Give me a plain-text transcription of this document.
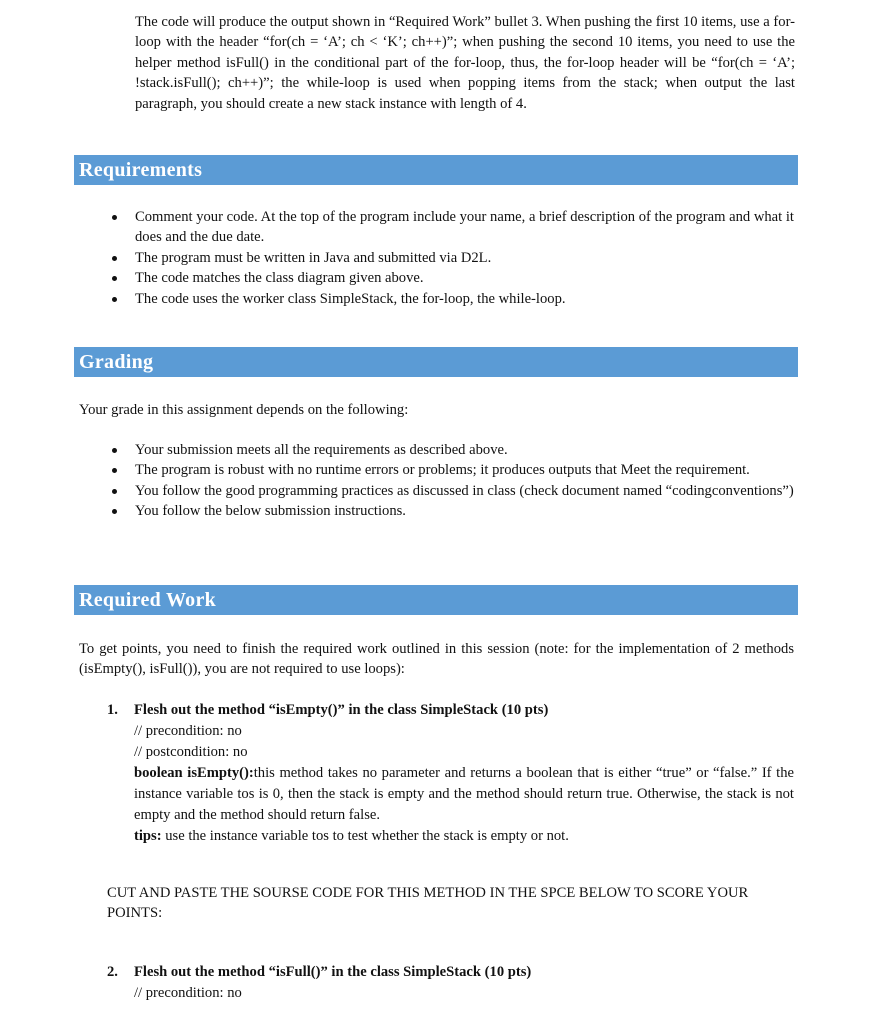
The code will produce the output shown in “Required Work” bullet 3. When pushing the first 10 items, use a for-loop with the header “for(ch = ‘A’; ch < ‘K’; ch++)”; when pushing the second 10 items, you need to use the helper method isFull() in the conditional part of the for-loop, thus, the for-loop header will be “for(ch = ‘A’; !stack.isFull(); ch++)”; the while-loop is used when popping items from the stack; when output the last paragraph, you should create a new stack instance with length of 4.

Requirements
Comment your code. At the top of the program include your name, a brief description of the program and what it does and the due date.
The program must be written in Java and submitted via D2L.
The code matches the class diagram given above.
The code uses the worker class SimpleStack, the for-loop, the while-loop.
Grading

Your grade in this assignment depends on the following:

Your submission meets all the requirements as described above.
The program is robust with no runtime errors or problems; it produces outputs that Meet the requirement.
You follow the good programming practices as discussed in class (check document named “codingconventions”)
You follow the below submission instructions.
Required Work

To get points, you need to finish the required work outlined in this session (note: for the implementation of 2 methods (isEmpty(), isFull()), you are not required to use loops):

1. Flesh out the method “isEmpty()” in the class SimpleStack (10 pts)

// precondition: no

// postcondition: no

boolean isEmpty():this method takes no parameter and returns a boolean that is either “true” or “false.” If the instance variable tos is 0, then the stack is empty and the method should return true. Otherwise, the stack is not empty and the method should return false.

tips: use the instance variable tos to test whether the stack is empty or not.

CUT AND PASTE THE SOURSE CODE FOR THIS METHOD IN THE SPCE BELOW TO SCORE YOUR POINTS:

2. Flesh out the method “isFull()” in the class SimpleStack (10 pts)

// precondition: no
